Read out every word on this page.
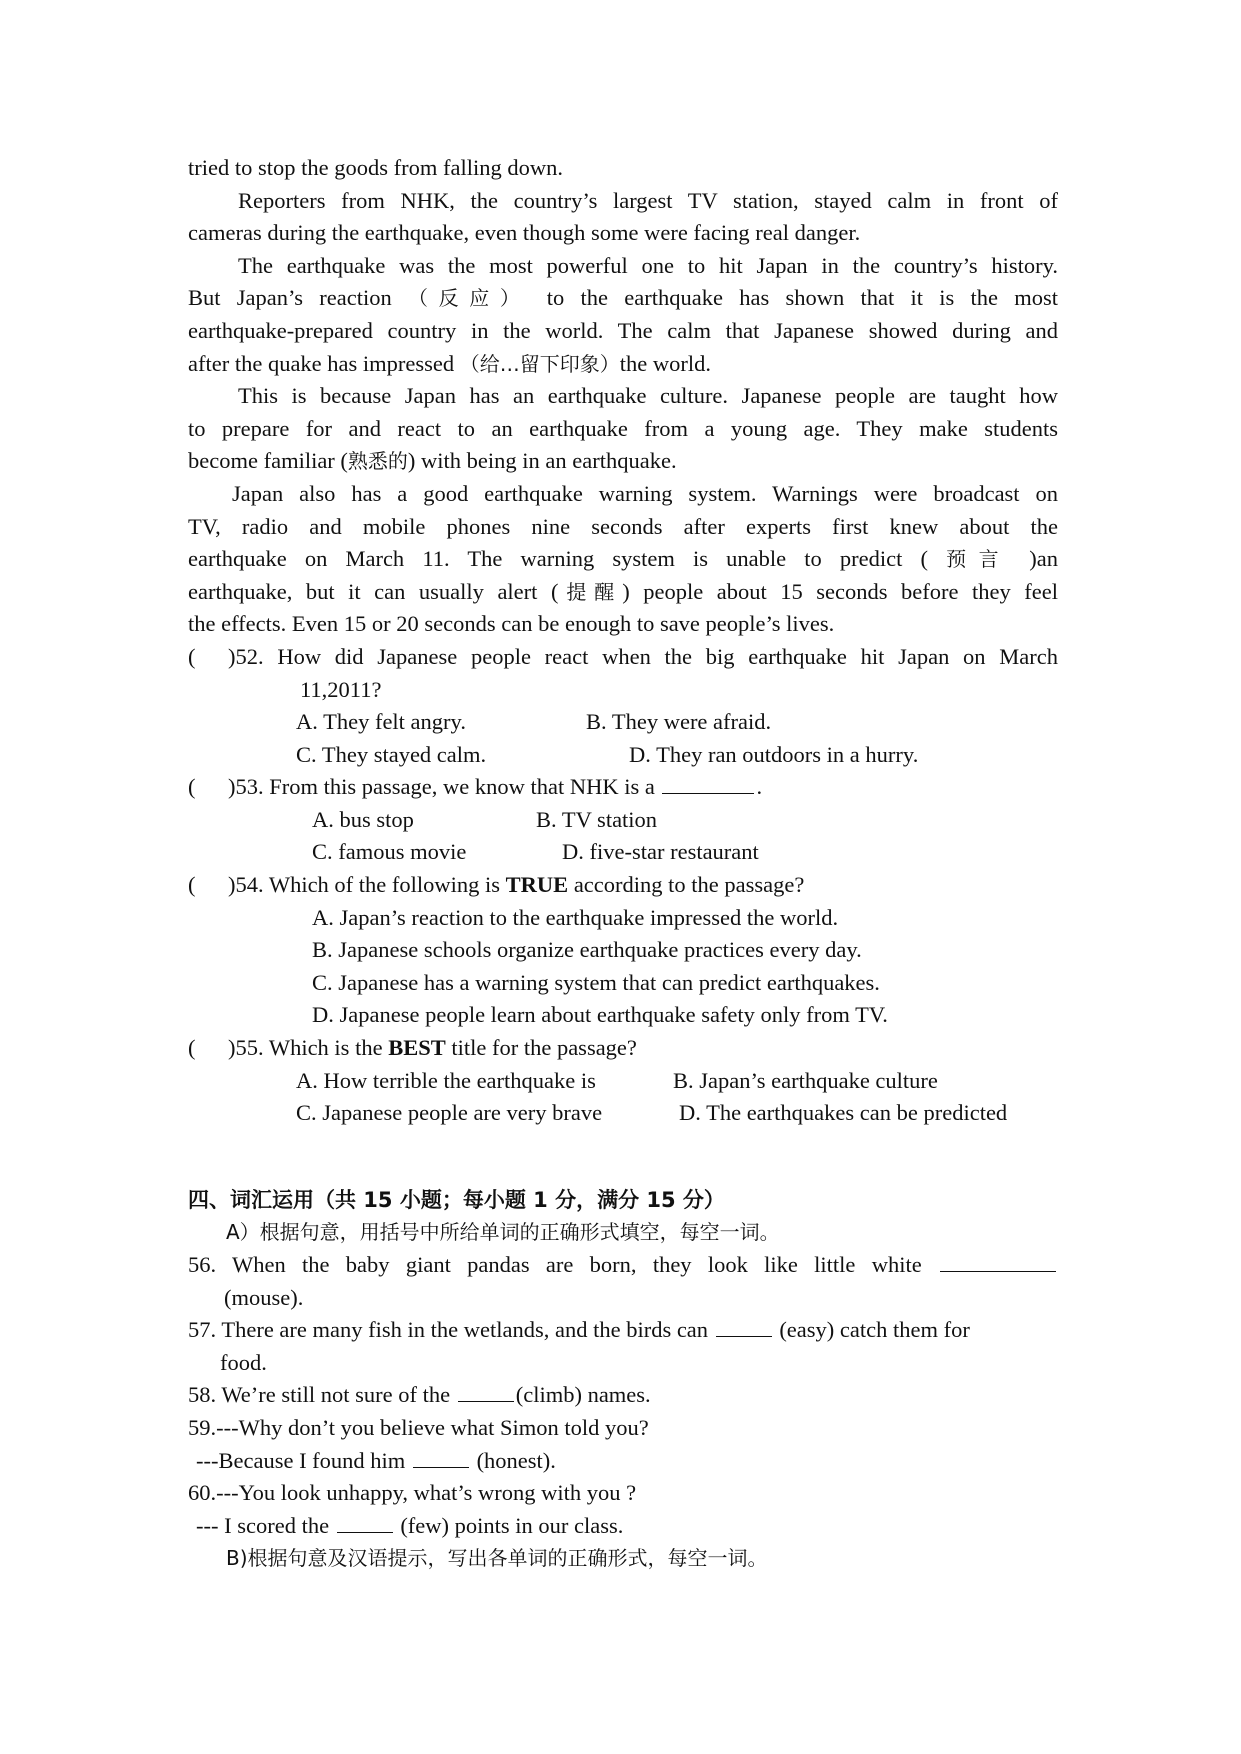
tried to stop the goods from falling down.
Reporters from NHK, the country’s largest TV station, stayed calm in front of
cameras during the earthquake, even though some were facing real danger.
The earthquake was the most powerful one to hit Japan in the country’s history.
But Japan’s reaction （反应） to the earthquake has shown that it is the most
earthquake-prepared country in the world. The calm that Japanese showed during and
after the quake has impressed （给…留下印象）the world.
This is because Japan has an earthquake culture. Japanese people are taught how
to prepare for and react to an earthquake from a young age. They make students
become familiar (熟悉的) with being in an earthquake.
Japan also has a good earthquake warning system. Warnings were broadcast on
TV, radio and mobile phones nine seconds after experts first knew about the
earthquake on March 11. The warning system is unable to predict ( 预言 )an
earthquake, but it can usually alert (提醒) people about 15 seconds before they feel
the effects. Even 15 or 20 seconds can be enough to save people’s lives.
( )52. How did Japanese people react when the big earthquake hit Japan on March
11,2011?
A. They felt angry.	B. They were afraid.
C. They stayed calm.	D. They ran outdoors in a hurry.
( )53. From this passage, we know that NHK is a	.
A. bus stop	B. TV station
C. famous movie	D. five-star restaurant
( )54. Which of the following is TRUE according to the passage?
A. Japan’s reaction to the earthquake impressed the world.
B. Japanese schools organize earthquake practices every day.
C. Japanese has a warning system that can predict earthquakes.
D. Japanese people learn about earthquake safety only from TV.
( )55. Which is the BEST title for the passage?
A. How terrible the earthquake is	B. Japan’s earthquake culture
C. Japanese people are very brave	D. The earthquakes can be predicted
四、词汇运用（共 15 小题；每小题 1 分，满分 15 分）
A）根据句意，用括号中所给单词的正确形式填空，每空一词。
56. When the baby giant pandas are born, they look like little white
(mouse).
57. There are many fish in the wetlands, and the birds can	(easy) catch them for
food.
58. We’re still not sure of the	(climb) names.
59.---Why don’t you believe what Simon told you?
---Because I found him	(honest).
60.---You look unhappy, what’s wrong with you ?
--- I scored the	(few) points in our class.
B)根据句意及汉语提示，写出各单词的正确形式，每空一词。
